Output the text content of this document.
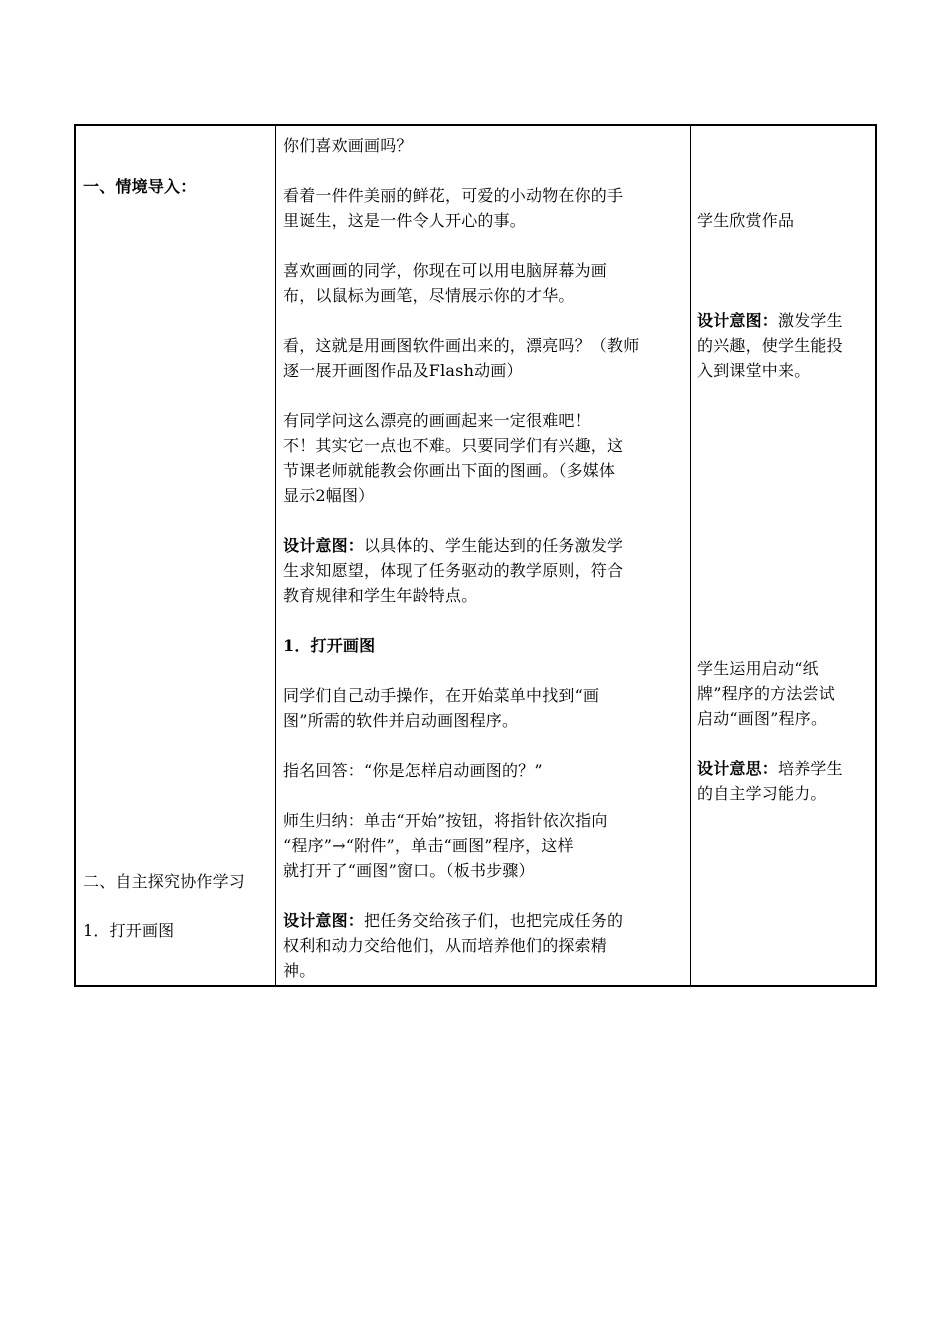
一、情境导入：
二、自主探究协作学习
1．打开画图
你们喜欢画画吗？
看着一件件美丽的鲜花，可爱的小动物在你的手
里诞生，这是一件令人开心的事。
喜欢画画的同学，你现在可以用电脑屏幕为画
布，以鼠标为画笔，尽情展示你的才华。
看，这就是用画图软件画出来的，漂亮吗？（教师
逐一展开画图作品及Flash动画）
有同学问这么漂亮的画画起来一定很难吧！
不！其实它一点也不难。只要同学们有兴趣，这
节课老师就能教会你画出下面的图画。（多媒体
显示2幅图）
设计意图：以具体的、学生能达到的任务激发学
生求知愿望，体现了任务驱动的教学原则，符合
教育规律和学生年龄特点。
1．打开画图
同学们自己动手操作，在开始菜单中找到“画
图”所需的软件并启动画图程序。
指名回答：“你是怎样启动画图的？”
师生归纳：单击“开始”按钮，将指针依次指向
“程序”→“附件”，单击“画图”程序，这样
就打开了“画图”窗口。（板书步骤）
设计意图：把任务交给孩子们，也把完成任务的
权利和动力交给他们，从而培养他们的探索精
神。
学生欣赏作品
设计意图：激发学生
的兴趣，使学生能投
入到课堂中来。
学生运用启动“纸
牌”程序的方法尝试
启动“画图”程序。
设计意思：培养学生
的自主学习能力。
